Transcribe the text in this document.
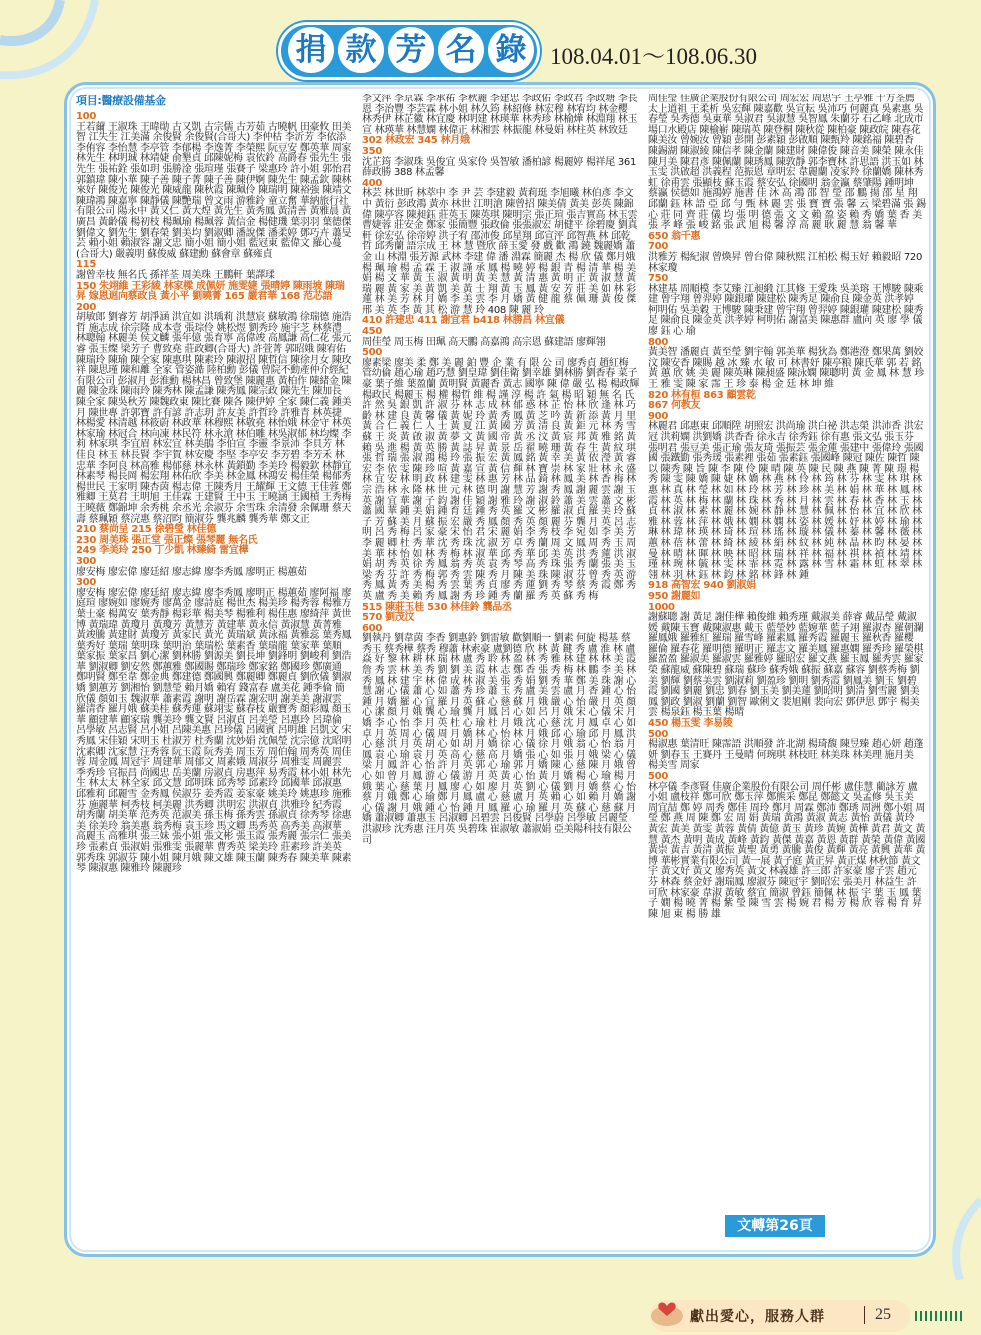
捐 款 芳 名 錄	108.04.01～108.06.30
項目:醫療設備基金
100
王若薾 王淑珠 王暐勛 古又凱 古宗儒 古芳茹 古曉帆 田豪攸 田美智 江失生 江美滿 余俊賢 余俊賢(合哥大) 李仲枯 李沂芳 李依添 李侑容 李怡慧 李亭管 李郁楊 李逸菁 李榮熙 阮豆安 鄭英華 周家 林先生 林明珹 林靖婕 俞墾貞 邱陳妮梅 袁依鈴 高爵春 張先生 張先生 張祐銓 張如玥 張勝淦 張瑄瑾 張賽子 梁惠玲 許小姐 郭怡君 郭鎮瑋 陳小華 陳子善 陳子菁 陳子善 陳伊婀 陳先生 陳孟欽 陳林來好 陳俊光 陳俊光 陳威龍 陳秋霞 陳珮伶 陳瑞明 陳裕強 陳靖文 陳瑋鴻 陳嘉寧 陳靜儀 陳艷瑞 曾文雨 游雅鈴 童立奮 華納旅行社有限公司 陽永中 黃又仁 黃大煌 黃先生 黃秀鳳 黃清善 黃雅晨 黃廣昌 黃齡儀 楊初枝 楊珮瑜 楊珮蓉 黃信金 楊健璣 葉羽羽 葉德傑 劉偉文 劉先生 劉春榮 劉美均 劉淑卿 潘說傑 潘柔婷 鄧巧卉 蕭旻芸 賴小姐 賴淑容 謝文忠 簡小姐 簡小姐 藍冠東 藍偉文 羅心蔓(合哥大) 嚴義明 蘇俊威 蘇建勳 蘇會章 蘇雍貞
115
謝曾幸枝 無名氏 孫祥荃 周美珠 王鵬軒 葉譯瑈
150 朱翊維 王彩綾 林家樑 成佩妍 施雯婕 張晴婷 陳雨坡 陳瑞昇 嫁恩迴向蔡政良 黃小平 劉曉菁 165 嚴君華 168 范芯語
200
胡敏郎 劉睿芳 胡淨涵 洪宜如 洪瑀莉 洪慧宸 蘇敏鴻 徐瑞德 施浩哲 施志成 徐宗隆 成本壹 張琮伶 姚松煜 劉秀玲 施宇芝 林蔡澧 林聰翰 林麗美 侯文麟 張年億 張育寧 高偉竣 高鳳謙 高仁花 張元睿 張玉燦 梁芳子 曹致堯 莊政卿(合哥大) 許萱菁 郭昭娥 陳宥佑 陳瑞玲 陳瑜 陳全家 陳惠琪 陳素玲 陳淑招 陳哲信 陳徐月女 陳玫祥 陳思瑾 陳和離 全家 管姿澔 陸柏勳 彭儀 曾院不動產仲介經紀有限公司 彭淑月 彭淮勳 楊林昌 曾致堡 陳麗惠 黃柏作 陳緒金 陳麗 陳金珠 陳雨玲 陳秀林 陳孟謙 陳秀鳳 陳宗政 陳先生 陳加長 陳全家 陳吳秋芳 陳魏政東 陳比賽 陳各 陳伊婷 全家 陳仁義 鍾美月 陳世專 許郭寶 許有諺 許志玥 許友美 許哲玲 許雅青 林英捷 林楊愛 林清越 林筱蔚 林政華 林穆熙 林敬堯 林怡娥 林金守 林英 林家瑜 林冠合 林向凍 林民符 林永滄 林伯雕 林吳淑郁 林均燦 李莉 林家琪 李宜眉 林宏宜 林美鵑 李伯宣 李靈 李景沛 李貝芳 林佳良 林玉 林長賢 李宇賀 林安慶 李堅 李亭安 李芳碧 李芳禾 林忠華 李阿良 林高雅 楊郁慈 林永林 黃鎖勤 李美玲 楊毅欽 林靜宜 林素琴 楊長岡 楊宏翔 林佑欣 李美 林金鳳 林鴻安 楊佳榮 楊郁秀 楊世民 王家明 陳杏茵 楊志偉 王陳秀月 王耀輝 王文德 王佳蓉 鄭雅卿 王莫君 王明旭 王佳霖 王建賢 王中玉 王曉涵 王國楨 王秀梅 王曉薇 鄭錦坤 余秀桃 余丞光 余淑芬 余雪珠 余清發 余佩珊 蔡天壽 蔡珮穎 蔡浣惠 蔡沼昀 簡淑芬 龔兆麟 龔秀華 鄭文正
210 蔡尚呈 215 徐碧瑩 林佳德
230 周美珠 張正堂 張正燦 張琴麗 無名氏
249 李美玲 250 丁少凱 林臻綺 雷宜樺
300
廖安梅 廖宏偉 廖廷紹 廖志緯 廖李秀鳳 廖明正 楊蕙茹
300
廖安梅 廖宏偉 廖廷紹 廖志緯 廖李秀鳳 廖明正 楊蕙茹 廖阿福 廖庭瑄 廖婉如 廖婉秀 廖萬金 廖詩庭 楊世杰 楊美珍 楊秀蓉 楊雅方 葉士豪 楊萬安 葉秀靜 楊彩華 楊美琴 楊雅利 楊佳惠 廖綺萍 黃世博 黃瑞瑋 黃瓊月 黃瓊芳 黃慧芳 黃建華 黃永信 黃淑慧 黃菁雅 黃竣騰 黃建財 黃瓊芳 黃家民 黃光 黃瑞斌 黃泳福 黃雅蕊 葉秀鳳 葉秀好 葉瑞 葉明珠 葉明治 葉瑞松 葉素香 葉瑞龍 葉家華 葉順 葉家振 葉家昌 劉心潔 劉林勝 劉源美 劉長坤 劉鋒明 劉峻利 劉浩華 劉淑卿 劉安然 鄭蕙雅 鄭國賜 鄭瑞珍 鄭家銘 鄭國珍 鄭廣通 鄭明賢 鄭至韋 鄭金典 鄭建德 鄭國興 鄭麗卿 鄭麗貞 劉欣儀 劉淑嬌 劉蕙芳 劉湘怡 劉慧瑩 賴月嬌 賴宥 錢富春 盧美花 鍾季倫 簡欣儀 顏如玉 魏淑華 蕭素霞 謝明 謝岳霖 謝宏明 謝美美 謝淑雲 羅清香 羅月娥 蘇美桂 蘇秀蓮 蘇翊雯 蘇春枝 嚴寶秀 顏彩鳳 顏玉華 顧建華 顧家瑞 龔美玲 龔文賢 呂淑貞 呂美瑩 呂惠玲 呂瑋倫 呂學敏 呂志賢 呂小姐 呂陳美惠 呂珍儀 呂國賓 呂明雄 呂凱文 宋秀鳳 宋佳穎 宋明玉 杜淑芳 杜秀蘭 沈妙娟 沈佩瑩 沈宗億 沈昭明 沈素卿 沈家慧 汪秀蓉 阮玉霞 阮秀美 周玉芳 周伯翰 周秀英 周佳蓉 周金鳳 周冠宇 周建華 周郁文 周素娥 周淑芬 周雅雯 周麗雲 季秀珍 官振昌 尚國忠 岳美蘭 房淑貞 房惠萍 易秀霞 林小姐 林先生 林太太 林全家 邱文慧 邱明珠 邱秀琴 邱素玲 邱國華 邱淑惠 邱雅莉 邱麗雪 金秀鳳 侯淑芬 姜秀霞 姜家豪 姚美玲 姚惠珍 施雅芬 施麗華 柯秀枝 柯美麗 洪秀卿 洪明宏 洪淑貞 洪雅玲 紀秀霞 胡秀蘭 胡美華 范秀英 范淑美 孫玉梅 孫秀雲 孫淑貞 徐秀琴 徐惠美 徐美玲 翁美惠 翁秀梅 袁玉珍 馬文卿 馬秀英 高秀美 高淑華 高麗玉 高雅琪 張三妹 張小姐 張文彬 張玉霞 張秀麗 張宗仁 張美珍 張素貞 張淑娟 張雅雯 張麗華 曹秀英 梁美玲 莊素珍 許美英 郭秀珠 郭淑芬 陳小姐 陳月娥 陳文雄 陳玉蘭 陳秀春 陳美華 陳素琴 陳淑惠 陳雅玲 陳麗珍
李文萍 李京霖 李承祐 李秋麗 李建忠 李政佑 李政君 李政塘 李長恩 李治豐 李芸霖 林小姐 林久筠 林紹修 林宏穆 林宥均 林金櫻 林秀伊 林芷徽 林宜慶 林明建 林瑛華 林秀珍 林榆燁 林淵翔 林玉宣 林瑛華 林慧嫻 林偉正 林湘雲 林振龍 林曼娟 林柱英 林致廷
302 林政宏 345 林月娥
350
沈芷筠 李淑珠 吳俊宜 吳家伶 吳智敏 潘柏諺 楊麗婷 楊祥尾 361 薛政勝 388 林孟馨
400
林芸 林世昕 林萃中 李 尹 芸 李建毅 黃莉珽 李旭曦 林伯彥 李文中 黃衍 彭政鴻 黃亦 林世 江明滄 陳曾招 陳美倩 黃美 彭英 陳錦偉 陳亭容 陳昶鈺 莊英玉 陳英琪 陳明宗 張正瑄 張吉實高 林玉雲 曹婕蓉 莊安金 鄭家 張簡豐 張政倫 張張淑宏 胡健平 徐碧慶 劉真 軒 徐宏弘 徐帝婷 洪子宥 邵沛俊 邱星翔 邱宣泙 邱智燕 林 邱乾哲 邱秀蘭 語宗成 王 林 慧 暨欣 薛玉愛 發 戲 歡 鴻 鐃 魏麗嬌 蕭金 山 林淵 張芳源 武林 李建 偉 潘 淵霖 簡麗 杰 楊 欣 儀 鄭月娥 楊 珮 瑜 楊 孟 霖 王 淑 謹 承 鳳 楊 曉 婷 楊 銀 青 楊 清 華 楊 美 娟 楊 文 華 黃 玉 淑 黃 明 黃 美 慧 黃 清 惠 黃 明 正 黃 淑 慧 黃 瑞 麗 黃 家 美 黃 凱 美 黃 士 翔 黃 玉 鳳 黃 安 芳 莊 美 如 林 彩 蓮 林 美 芳 林 月 嬌 李 美 雲 李 月 嬌 黃 健 龍 蔡 佩 珊 黃 俊 傑 邢 美 英 李 黃 其 松 游 慧 玲 408 陳 麗 玲
410 許建忠 411 謝宜君 b418 林勝昌 林宜儀
450
周佳瑩 周玉梅 田珮 高天鵬 高嘉鴻 高宗恩 蘇建語 廖輝翎
500
廖素梁 廖美 柔 鄭 美 麗 鉑 豐 企 業 有 限 公 司 廖秀貞 趙紅梅 管幼倫 趙心瑜 趙巧慧 劉皇瑋 劉佳衛 劉幸雄 劉林勝 劉香春 菜子豪 葉子維 葉盈蘭 黃明賢 黃麗香 黃志 國寧 陳 偉 嚴 弘 楊 楊政輝 楊政民 楊麗玉 楊 權 楊哲 維 楊 謹 淳 楊 許 氣 楊 昭 穎 無 名 氏 許 然 吳 銀 凱 許 淑 芬 林 志 成 林 郁 惑 林 芷 怡 林 欣 逢 林 巧 齡 林 建 良 黃 馨 儀 黃 妮 玲 黃 秀 鳳 黃 芝 吟 黃 新 添 黃 月 里 黃 合 仁 義 仁 人 士 黃 夏 江 黃 國 芳 黃 清 良 黃 鉅 元 林 秀 雪 蘇 王 炎 黃 啟 淑 黃 夢 文 黃 國 帝 黃 丞 汶 黃 宸 邦 黃 雅 銘 黃 賴 吳 進 楊 黃 英 勝 黃 誌 昇 黃 景 岳 翟 曉 珊 黃 春 生 黃 紋 琪 張 哲 瑞 張 淑 鴻 楊 玲 張 振 宏 黃 鳳 銘 黃 幸 美 黃 依 瀅 黃 睿 宏 李 依 雯 陳 珍 喧 黃 嘉 宣 黃 信 輝 林 寶 崇 林 家 壯 林 永 盛 林 宜 安 林 明 政 林 建 雯 林 惠 芳 林 品 錡 林 鳳 美 林 香 梅 林 宗 浩 林 永 隆 林 世 元 林 德 明 謝 慧 芳 謝 秀 鳳 謝 麗 雲 謝 玉 英 謝 宜 華 謝 子 鈞 謝 佳 穎 謝 雅 玲 謝 淑 鈴 蕭 美 雲 蕭 文 彬 蕭 國 華 鍾 美 娟 鍾 育 廷 鍾 秀 英 羅 文 彬 羅 淑 貞 羅 美 玲 蘇 子 芳 蘇 美 月 蘇 振 宏 嚴 秀 鳳 顏 秀 英 顏 麗 芬 龔 月 英 呂 志 明 呂 秀 梅 呂 家 豪 宋 怡 君 宋 麗 娟 李 秀 枝 李 宛 如 李 美 芳 李 麗 卿 杜 秀 華 沈 秀 珠 沈 淑 芳 卓 秀 蘭 周 文 鳳 周 秀 玉 周 美 華 林 怡 如 林 秀 梅 林 淑 華 邱 秀 華 邱 美 英 洪 秀 蓮 洪 淑 娟 胡 秀 英 徐 秀 鳳 翁 秀 英 袁 秀 琴 高 秀 珠 張 秀 蘭 張 美 玉 梁 秀 芬 許 秀 梅 郭 秀 雲 陳 秀 月 陳 美 珠 陳 淑 芬 曾 秀 英 游 秀 鳳 黃 秀 美 楊 秀 雲 葉 秀 貞 廖 秀 蓮 劉 秀 琴 蔡 秀 霞 鄭 秀 英 盧 秀 美 賴 秀 鳳 謝 秀 珍 鍾 秀 蘭 羅 秀 英 蘇 秀 梅
515 陳莊玉桂 530 林佳鈴 龔品丞
570 劉茂汶
600
劉執丹 劉韋茵 李香 劉惠鈴 劉雷敏 歡劉順一 劉素 何旋 楊基 蔡秀玉 蔡秀樺 蔡秀 穆蕭 林索豪 盧劉德 欣 林 黃 鍵 秀 盧 淮 林 盧 焱 好 黎 林 耕 林 瑞 林 盧 秀 聆 林 盈 林 秀 雅 林 建 林 林 美 霞 詹 秀 雲 林 美 秀 劉 劉 美 霞 林 志 鄭 香 張 秀 梅 林 鵬 李 美 林 秀 鳳 林 建 宇 林 偉 成 林 淑 美 張 秀 娟 劉 秀 華 鄭 美 珠 謝 心 慧 謝 心 儀 蕭 心 如 蕭 秀 珍 蕭 玉 秀 盧 美 雲 盧 月 香 鍾 心 怡 鍾 月 嬌 羅 心 宜 羅 月 英 蘇 心 慈 蘇 月 娥 嚴 心 怡 嚴 月 英 顏 心 潔 顏 月 娥 龔 心 瑜 龔 月 鳳 呂 心 如 呂 月 娥 宋 心 儀 宋 月 嬌 李 心 怡 李 月 英 杜 心 瑜 杜 月 娥 沈 心 慈 沈 月 鳳 卓 心 如 卓 月 英 周 心 儀 周 月 嬌 林 心 怡 林 月 娥 邱 心 瑜 邱 月 鳳 洪 心 慈 洪 月 英 胡 心 如 胡 月 嬌 徐 心 儀 徐 月 娥 翁 心 怡 翁 月 鳳 袁 心 瑜 袁 月 英 高 心 慈 高 月 嬌 張 心 如 張 月 娥 梁 心 儀 梁 月 鳳 許 心 怡 許 月 英 郭 心 瑜 郭 月 嬌 陳 心 慈 陳 月 娥 曾 心 如 曾 月 鳳 游 心 儀 游 月 英 黃 心 怡 黃 月 嬌 楊 心 瑜 楊 月 娥 葉 心 慈 葉 月 鳳 廖 心 如 廖 月 英 劉 心 儀 劉 月 嬌 蔡 心 怡 蔡 月 娥 鄭 心 瑜 鄭 月 鳳 盧 心 慈 盧 月 英 賴 心 如 賴 月 嬌 謝 心 儀 謝 月 娥 鍾 心 怡 鍾 月 鳳 羅 心 瑜 羅 月 英 蘇 心 慈 蘇 月 嬌 蕭淑卿 蕭惠玉 呂淑卿 呂碧雲 呂俊賢 呂學蔚 呂學敏 呂麗瑩 洪淑珍 沈秀惠 汪月英 吳碧珠 崔淑敏 蕭淑娟 亞美陽科技有限公司
周佳瑩 佳廣企業股份有限公司 周宏宏 周思宇 王亭雅 十方荃薦 太上道祖 王柔析 吳宏輝 陳嘉歡 吳宣耘 吳沛巧 何麗真 吳素惠 吳春瑩 吳秀德 吳東華 吳淑君 吳淑慧 吳智鳳 朱蘭芬 石乙峰 北成市場口水殿店 陳榆嶄 陳瑞英 陳登桐 陳秋從 陳柏豪 陳政皖 陳春花 陳美汝 曾婉汝 曾穎 彭開 彭素穎 彭啟順 陳甄羚 陳銘福 陳碧香 陳錫湖 陳淑綾 陳信孝 陳金蘭 陳建財 陳偉俊 陳音美 陳榮 陳永佳 陳月美 陳君彥 陳佩蘭 陳琇鳳 陳敦靜 郭李寶林 許思語 洪玉如 林玉雯 洪啟超 洪義程 范振恩 章明宏 韋麗蘭 凌家羚 徐蘭嬌 陳林秀虹 徐甫雲 張顯枝 蘇玉霞 蔡安弘 徐國明 翁金瀛 蔡肇陽 鍾明坤 蔡瀛 侯德如 施鴻婷 施書 佳 沐 高 鴻 邵 智 瑩 邵 鵬 揚 邵 星 翔 邱蘭 鈺 林 語 亞 邱 勻 甄 林 麗 雲 張 寶 寶 張 馨 云 梁碧滿 張 錫 心 莊 同 齊 莊 儀 均 張 明 德 張 文 文 賴 盈 姿 賴 秀 嬌 葉 香 美 張 孝 峰 張 峻 銘 張 武 旭 楊 馨 淳 高 麗 耿 麗 慧 翁 馨 華
650 翁千惠
700
洪雅芳 楊紀淑 曾煥昇 曾台偉 陳秋熙 江柏松 楊玉好 賴毅昭 720 林家瓊
750
林建基 周順模 李艾臻 江昶緞 江其修 王愛珠 吳美瑢 王博駿 陳乘建 曾宇翔 曾羿婷 陳銀瓘 陳建松 陳秀足 陳俞良 陳金英 洪孝婷 柯明佑 吳美穀 王博駿 陳秉建 曾宇翔 曾羿婷 陳銀瓘 陳建松 陳秀足 陳俞良 陳金英 洪孝婷 柯明佑 謝富美 陳惠群 盧向 英 廖 學 儀 廖 鈺 心 瑜
800
黃美智 潘麗貞 黃至瑩 劉宇翰 郭美華 楊狄為 鄭港澄 鄭果萬 劉姣汶 陳安香 陳賜 越 冰 臻 水 敏 可 林書妤 陳亭粮 陳氏華 郭 若 銘 黃 蕙 欣 姚 美 麗 陳英琳 陳昶盛 陳泳嫻 陳聰明 黃 金 鳳 林 慧 珍 王 雅 雯 陳 家 霈 王 珍 泰 楊 金 廷 林 坤 維
820 林有桓 863 顧雲乾
867 何教友
900
林麗君 邱惠東 邱順陞 胡照宏 洪尚瑜 洪白祕 洪志榮 洪沛香 洪宏冠 洪莉嫻 洪劉嬌 洪香香 徐永吉 徐秀鈺 徐有惠 張文弘 張玉芬 張明君 張豆美 張正瑜 張友琦 張振芸 張金蓮 張建中 張偉玲 張國國 張鐵勤 張秀瑗 張素裡 張茹 張素鈺 張國峰 陳冠 陳佐 陳哲 陳以 陳秀 陳 旨 陳 李 陳 伶 陳 晴 陳 英 陳 民 陳 燕 陳 菁 陳 璟 楊 秀 陳 雯 陳 嬌 陳 婕 林 嬌 林 燕 林 伶 林 筠 林 芬 林 雯 林 琪 林 惠 林 真 林 瑩 林 如 林 玲 林 芳 林 珍 林 美 林 娟 林 華 林 鳳 林 霞 林 英 林 梅 林 蘭 林 珠 林 秀 林 月 林 雲 林 春 林 香 林 玉 林 貞 林 淑 林 素 林 麗 林 婉 林 靜 林 慧 林 佩 林 怡 林 宜 林 欣 林 雅 林 蓉 林 萍 林 娥 林 嫺 林 嫻 林 姿 林 媛 林 妤 林 婷 林 瑜 林 琳 林 瑋 林 瑛 林 琦 林 瑄 林 瑤 林 璇 林 儀 林 蓁 林 馨 林 薇 林 蕙 林 蓓 林 蕾 林 綺 林 綾 林 絹 林 紋 林 純 林 晶 林 昀 林 晏 林 曼 林 晴 林 暉 林 映 林 昭 林 瑞 林 祥 林 福 林 祺 林 禎 林 靖 林 瑾 林 琬 林 毓 林 雯 林 霏 林 霓 林 露 林 雪 林 霜 林 虹 林 翠 林 翎 林 羽 林 鈺 林 鈞 林 銘 林 鋒 林 鍾
918 高智宏 940 劉淑娟
950 謝麗如
1000
謝蘇聰 謝 黃足 謝佳樺 賴俊維 賴秀瑾 戴淑美 薛睿 戴品瑩 戴淑媛 戴陳玉寶 戴陳淑惠 戴玉 藍瑩妙 藍婉華 藍子翊 羅淑杏 羅朝瀾 羅鳳娥 羅雅紅 羅瑞 羅雪峰 羅素鳳 羅秀霞 羅麗玉 羅秋香 羅櫻 羅倫 羅春花 羅明德 羅明正 羅志文 羅美鳳 羅惠嫻 羅秀珍 羅榮棋 羅盈盈 羅淑美 羅淑雲 羅雅婷 羅昭宏 羅文燕 羅玉鳳 羅秀雲 羅家榮 蘇龍威 蘇陳碧 蘇瑞 蘇珍 蘇秀娥 蘇振 蘇嘉 蘇容 劉蔡秀梅 劉美 劉輝 劉蔡美雲 劉淑莉 劉盈珍 劉明 劉秀霞 劉鳳美 劉玉 劉碧霞 劉國 劉麗 劉忠 劉春 劉玉美 劉美蓮 劉昭明 劉清 劉雪麗 劉美鳳 劉政 劉淑 劉蘭 劉智 歐俐文 裴旭剛 裴向宏 鄧伊思 鄧宇 楊美雲 楊泉鈺 楊玉葉 楊晴
450 楊玉雯 李易陵
500
楊淑惠 葉清旺 陳霈語 洪順發 許北湖 楊琦馥 陳昱臻 趙心妍 趙蓬妍 劉春玉 王賽丹 王曼晴 何琬琪 林枝旺 林美珠 林美理 施月美 楊美雪 周家
500
林亭儀 李彥賢 佳廣企業股份有限公司 周仟彬 盧佳慧 藺詠芳 盧小姐 盧枝祥 鄭可欣 鄭玉萍 鄭熊采 鄭昆 鄭懿文 吳孟修 吳玉美 周宜喆 鄭 婷 周秀 鄭佳 周玲 鄭月 周霖 鄭沛 鄭琇 周洲 鄭小姐 周 瑩 鄭 燕 周 陳 鄭 宏 周 娟 黃瑞 黃鴻 黃淑 黃志 黃怡 黃儀 黃玲 黃宏 黃美 黃雯 黃蓉 黃倩 黃億 黃玉 黃珍 黃婉 黃樺 黃君 黃文 黃慧 黃杰 黃明 黃成 黃峰 黃鈞 黃傑 黃嘉 黃恩 黃群 黃榮 黃偉 黃國 黃崇 黃吉 黃清 黃振 黃聖 黃勇 黃騰 黃俊 黃輝 黃亮 黃興 黃華 黃博 華彬實業有限公司 黃一展 黃子庭 黃正昇 黃正煤 林秋節 黃文宇 黃文好 黃文 廖秀英 黃文 林義雄 許三郎 許家豪 廖子雲 趙元芬 林森 蔡金妤 謝瑞鳳 廖淑芬 陳冠宇 劉昭宏 張美月 林益生 許可欣 林家豪 韋淑 黃敏 蔡宜 簡淑 曾鈺 簡佩 林 振 宇 葉 玉 鳳 葉 子 嫺 楊 曉 菁 楊 紫 瑩 陳 雪 雲 楊 婉 君 楊 芳 楊 欣 蓉 楊 育 昇 陳 旭 東 楊 勝 雄
文轉第26頁
獻出愛心，服務人群	25
